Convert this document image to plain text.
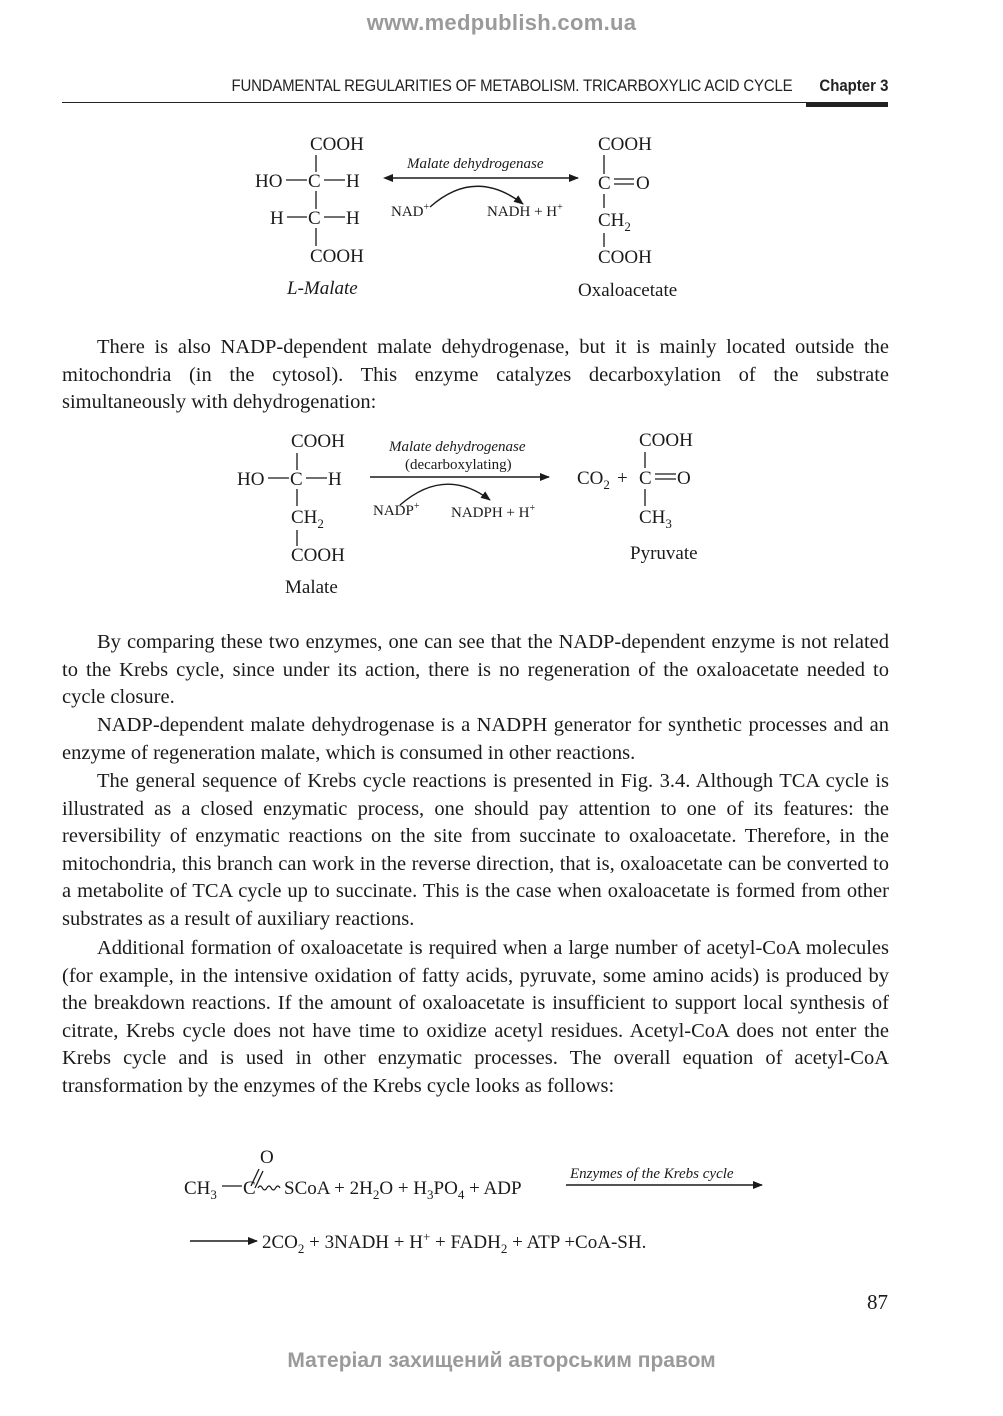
www.medpublish.com.ua
FUNDAMENTAL REGULARITIES OF METABOLISM. TRICARBOXYLIC ACID CYCLE Chapter 3
COOH
HO C H
H C H
COOH
L-Malate
Malate dehydrogenase
NAD+	NADH + H+
COOH
C O
$CH_2$
COOH
Oxaloacetate

There is also NADP-dependent malate dehydrogenase, but it is mainly located outside the mitochondria (in the cytosol). This enzyme catalyzes decarboxylation of the substrate simultaneously with dehydrogenation:

COOH
HO C H
$CH_2$
COOH
Malate
Malate dehydrogenase
(decarboxylating)
NADP+ NADPH + H+
$CO_2$ +
COOH
C O
$CH_3$
Pyruvate

By comparing these two enzymes, one can see that the NADP-dependent enzyme is not related to the Krebs cycle, since under its action, there is no regeneration of the oxaloacetate needed to cycle closure.

NADP-dependent malate dehydrogenase is a NADPH generator for synthetic processes and an enzyme of regeneration malate, which is consumed in other reactions.

The general sequence of Krebs cycle reactions is presented in Fig. 3.4. Although TCA cycle is illustrated as a closed enzymatic process, one should pay attention to one of its features: the reversibility of enzymatic reactions on the site from succinate to oxaloacetate. Therefore, in the mitochondria, this branch can work in the reverse direction, that is, oxaloacetate can be converted to a metabolite of TCA cycle up to succinate. This is the case when oxaloacetate is formed from other substrates as a result of auxiliary reactions.

Additional formation of oxaloacetate is required when a large number of acetyl-CoA molecules (for example, in the intensive oxidation of fatty acids, pyruvate, some amino acids) is produced by the breakdown reactions. If the amount of oxaloacetate is insufficient to support local synthesis of citrate, Krebs cycle does not have time to oxidize acetyl residues. Acetyl-CoA does not enter the Krebs cycle and is used in other enzymatic processes. The overall equation of acetyl-CoA transformation by the enzymes of the Krebs cycle looks as follows:

O
$CH_3$ C SCoA + $2H_2O + H_3PO_4$ + ADP
Enzymes of the Krebs cycle
$2CO_2$ + 3NADH + $H^+ + FADH_2$ + ATP +CoA-SH.
87
Матеріал захищений авторським правом
